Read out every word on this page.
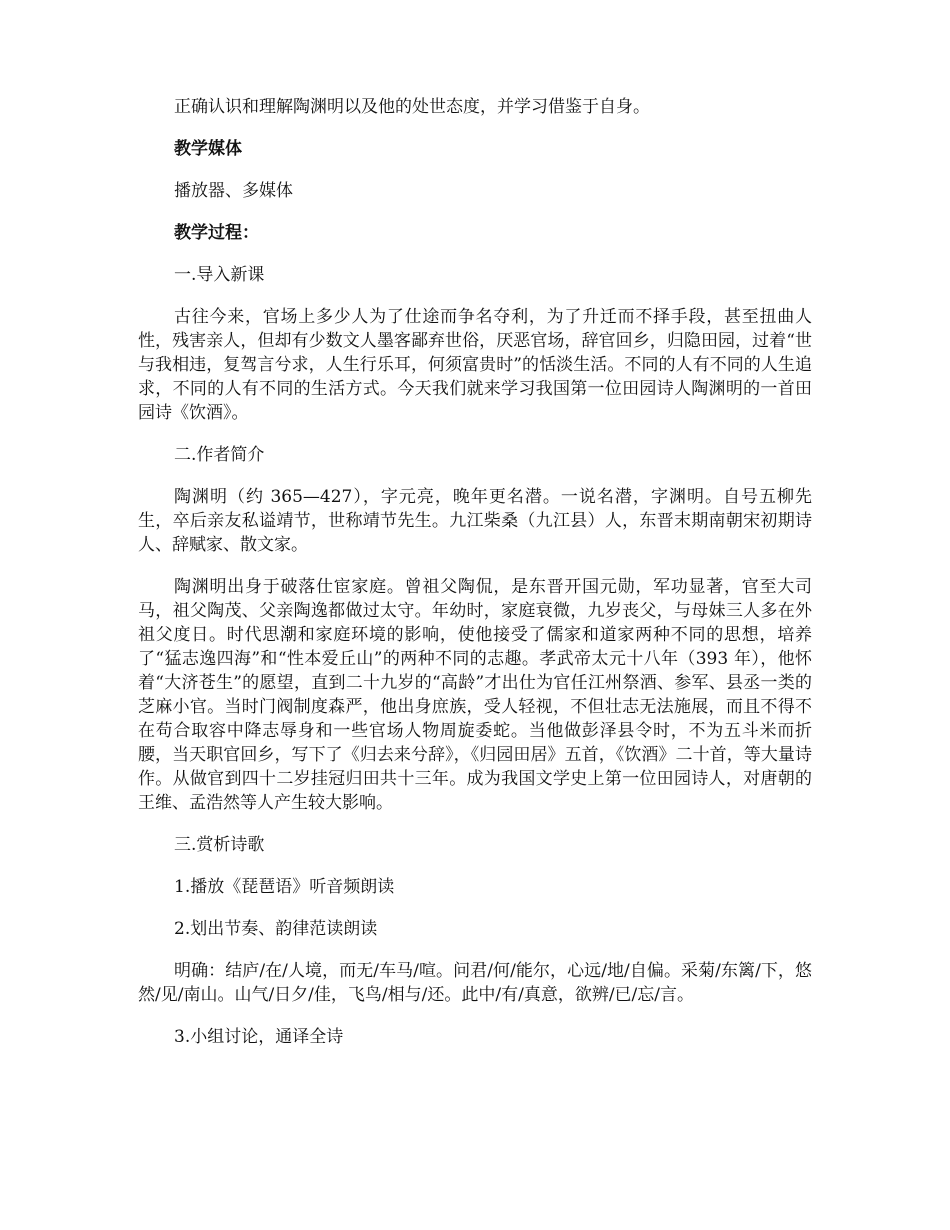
正确认识和理解陶渊明以及他的处世态度，并学习借鉴于自身。

教学媒体

播放器、多媒体

教学过程：

一.导入新课

古往今来，官场上多少人为了仕途而争名夺利，为了升迁而不择手段，甚至扭曲人性，残害亲人，但却有少数文人墨客鄙弃世俗，厌恶官场，辞官回乡，归隐田园，过着“世与我相违，复驾言兮求，人生行乐耳，何须富贵时”的恬淡生活。不同的人有不同的人生追求，不同的人有不同的生活方式。今天我们就来学习我国第一位田园诗人陶渊明的一首田园诗《饮酒》。

二.作者简介

陶渊明（约 365—427），字元亮，晚年更名潜。一说名潜，字渊明。自号五柳先生，卒后亲友私谥靖节，世称靖节先生。九江柴桑（九江县）人，东晋末期南朝宋初期诗人、辞赋家、散文家。

陶渊明出身于破落仕宦家庭。曾祖父陶侃，是东晋开国元勋，军功显著，官至大司马，祖父陶茂、父亲陶逸都做过太守。年幼时，家庭衰微，九岁丧父，与母妹三人多在外祖父度日。时代思潮和家庭环境的影响，使他接受了儒家和道家两种不同的思想，培养了“猛志逸四海”和“性本爱丘山”的两种不同的志趣。孝武帝太元十八年（393 年），他怀着“大济苍生”的愿望，直到二十九岁的“高龄”才出仕为官任江州祭酒、参军、县丞一类的芝麻小官。当时门阀制度森严，他出身庶族，受人轻视，不但壮志无法施展，而且不得不在苟合取容中降志辱身和一些官场人物周旋委蛇。当他做彭泽县令时，不为五斗米而折腰，当天职官回乡，写下了《归去来兮辞》，《归园田居》五首，《饮酒》二十首，等大量诗作。从做官到四十二岁挂冠归田共十三年。成为我国文学史上第一位田园诗人，对唐朝的王维、孟浩然等人产生较大影响。

三.赏析诗歌

1.播放《琵琶语》听音频朗读

2.划出节奏、韵律范读朗读

明确：结庐/在/人境，而无/车马/喧。问君/何/能尔，心远/地/自偏。采菊/东篱/下，悠然/见/南山。山气/日夕/佳，飞鸟/相与/还。此中/有/真意，欲辨/已/忘/言。

3.小组讨论，通译全诗
